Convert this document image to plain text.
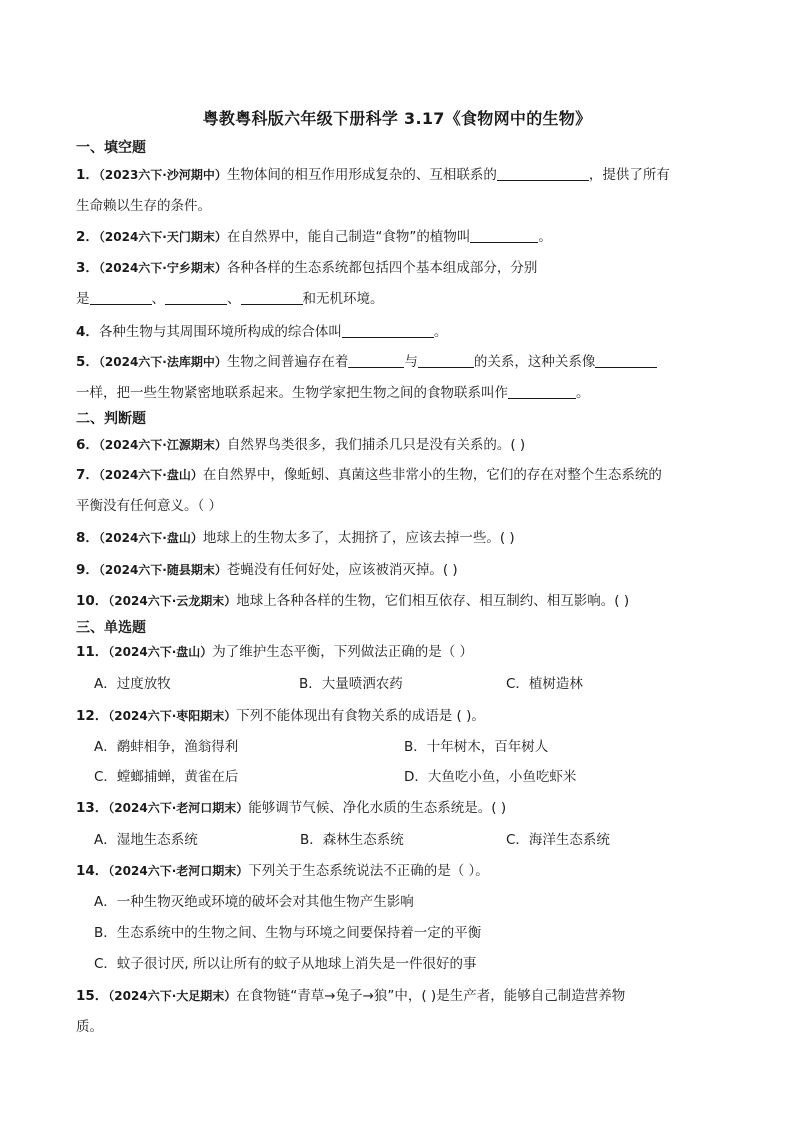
粤教粤科版六年级下册科学 3.17《食物网中的生物》
一、填空题
1．（2023六下·沙河期中）生物体间的相互作用形成复杂的、互相联系的	，提供了所有
生命赖以生存的条件。
2．（2024六下·天门期末）在自然界中，能自己制造“食物”的植物叫	。
3．（2024六下·宁乡期末）各种各样的生态系统都包括四个基本组成部分，分别
是	、	、	和无机环境。
4．各种生物与其周围环境所构成的综合体叫	。
5．（2024六下·法库期中）生物之间普遍存在着	与	的关系，这种关系像
一样，把一些生物紧密地联系起来。生物学家把生物之间的食物联系叫作	。
二、判断题
6．（2024六下·江源期末）自然界鸟类很多，我们捕杀几只是没有关系的。( )
7．（2024六下·盘山）在自然界中，像蚯蚓、真菌这些非常小的生物，它们的存在对整个生态系统的
平衡没有任何意义。（ ）
8．（2024六下·盘山）地球上的生物太多了，太拥挤了，应该去掉一些。( )
9．（2024六下·随县期末）苍蝇没有任何好处，应该被消灭掉。( )
10．（2024六下·云龙期末）地球上各种各样的生物，它们相互依存、相互制约、相互影响。( )
三、单选题
11．（2024六下·盘山）为了维护生态平衡，下列做法正确的是（ ）
A．过度放牧	B．大量喷洒农药	C．植树造林
12．（2024六下·枣阳期末）下列不能体现出有食物关系的成语是 ( )。
A．鹬蚌相争，渔翁得利	B．十年树木，百年树人
C．螳螂捕蝉，黄雀在后	D．大鱼吃小鱼，小鱼吃虾米
13．（2024六下·老河口期末）能够调节气候、净化水质的生态系统是。( )
A．湿地生态系统	B．森林生态系统	C．海洋生态系统
14．（2024六下·老河口期末）下列关于生态系统说法不正确的是（ ）。
A．一种生物灭绝或环境的破坏会对其他生物产生影响
B．生态系统中的生物之间、生物与环境之间要保持着一定的平衡
C．蚊子很讨厌, 所以让所有的蚊子从地球上消失是一件很好的事
15．（2024六下·大足期末）在食物链“青草→兔子→狼”中，( )是生产者，能够自己制造营养物
质。
